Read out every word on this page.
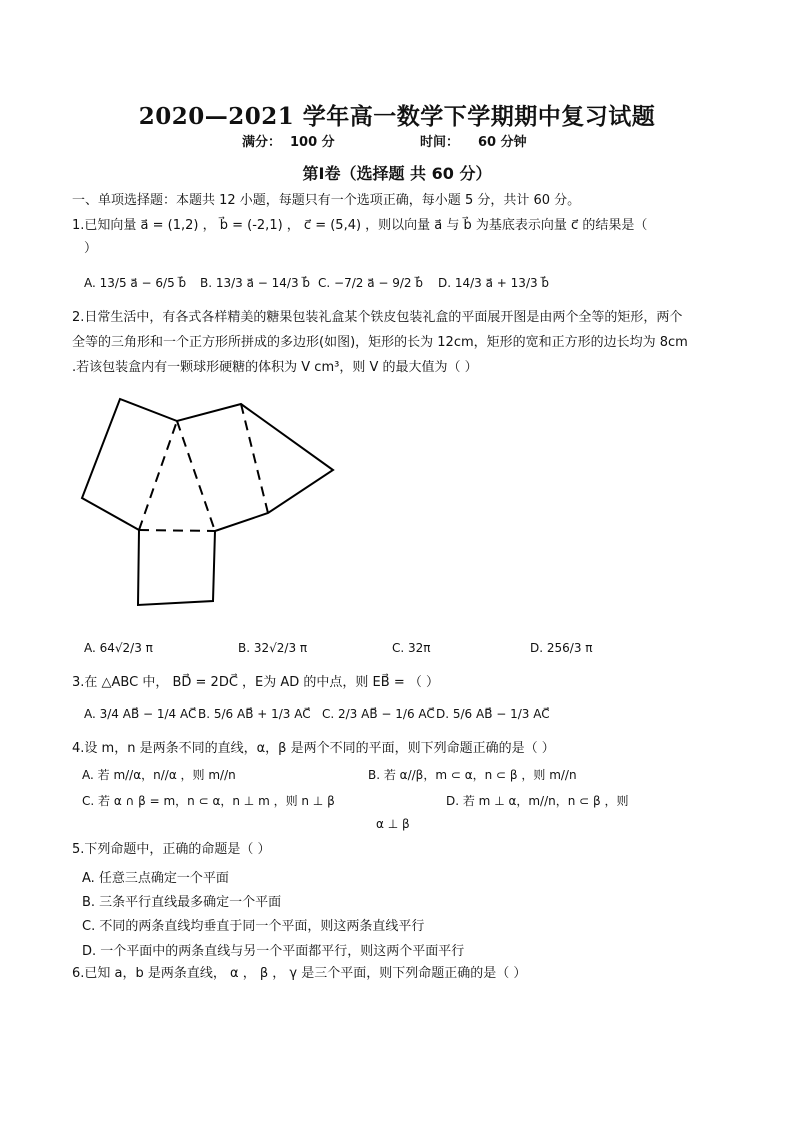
2020—2021 学年高一数学下学期期中复习试题
满分： 100 分	时间： 60 分钟
第Ⅰ卷（选择题 共 60 分）
一、单项选择题：本题共 12 小题，每题只有一个选项正确，每小题 5 分，共计 60 分。
1.已知向量 a⃗ = (1,2) ， b⃗ = (-2,1) ， c⃗ = (5,4) ，则以向量 a⃗ 与 b⃗ 为基底表示向量 c⃗ 的结果是（
）
A. 13/5 a⃗ − 6/5 b⃗ B. 13/3 a⃗ − 14/3 b⃗ C. −7/2 a⃗ − 9/2 b⃗ D. 14/3 a⃗ + 13/3 b⃗
2.日常生活中，有各式各样精美的糖果包装礼盒某个铁皮包装礼盒的平面展开图是由两个全等的矩形，两个
全等的三角形和一个正方形所拼成的多边形(如图)，矩形的长为 12cm，矩形的宽和正方形的边长均为 8cm
.若该包装盒内有一颗球形硬糖的体积为 V cm³，则 V 的最大值为（ ）
A. 64√2/3 π	B. 32√2/3 π	C. 32π	D. 256/3 π
3.在 △ABC 中， BD⃗ = 2DC⃗ ，E为 AD 的中点，则 EB⃗ = （ ）
A. 3/4 AB⃗ − 1/4 AC⃗ B. 5/6 AB⃗ + 1/3 AC⃗ C. 2/3 AB⃗ − 1/6 AC⃗ D. 5/6 AB⃗ − 1/3 AC⃗
4.设 m，n 是两条不同的直线，α，β 是两个不同的平面，则下列命题正确的是（ ）
A. 若 m//α，n//α ，则 m//n	B. 若 α//β，m ⊂ α，n ⊂ β ，则 m//n
C. 若 α ∩ β = m，n ⊂ α，n ⊥ m ，则 n ⊥ β	D. 若 m ⊥ α，m//n，n ⊂ β ，则
α ⊥ β
5.下列命题中，正确的命题是（ ）
A. 任意三点确定一个平面
B. 三条平行直线最多确定一个平面
C. 不同的两条直线均垂直于同一个平面，则这两条直线平行
D. 一个平面中的两条直线与另一个平面都平行，则这两个平面平行
6.已知 a，b 是两条直线， α ， β ， γ 是三个平面，则下列命题正确的是（ ）
